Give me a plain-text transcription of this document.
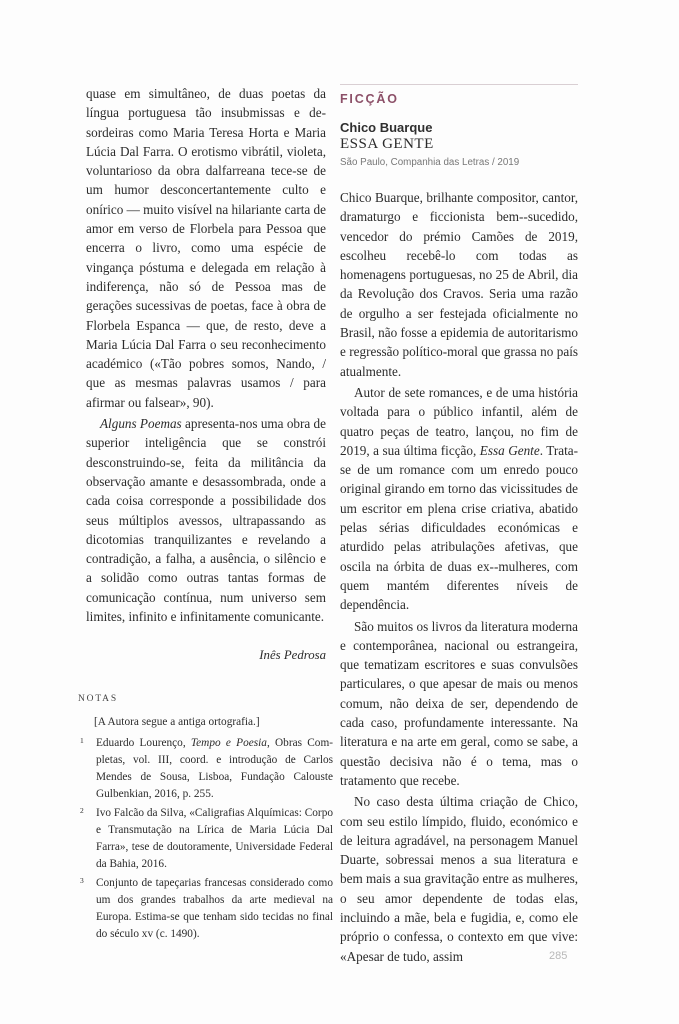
quase em simultâneo, de duas poetas da língua portuguesa tão insubmissas e desordeiras como Maria Teresa Horta e Maria Lúcia Dal Farra. O erotismo vibrátil, violeta, voluntarioso da obra dalfarreana tece-se de um humor desconcertantemente culto e onírico — muito visível na hilariante carta de amor em verso de Florbela para Pessoa que encerra o livro, como uma espécie de vingança póstuma e delegada em relação à indiferença, não só de Pessoa mas de gerações sucessivas de poetas, face à obra de Florbela Espanca — que, de resto, deve a Maria Lúcia Dal Farra o seu reconhecimento académico («Tão pobres somos, Nando, / que as mesmas palavras usamos / para afirmar ou falsear», 90).

Alguns Poemas apresenta-nos uma obra de superior inteligência que se constrói desconstruindo-se, feita da militância da observação amante e desassombrada, onde a cada coisa corresponde a possibilidade dos seus múltiplos avessos, ultrapassando as dicotomias tranquilizantes e revelando a contradição, a falha, a ausência, o silêncio e a solidão como outras tantas formas de comunicação contínua, num universo sem limites, infinito e infinitamente comunicante.

Inês Pedrosa
NOTAS
[A Autora segue a antiga ortografia.]
1	Eduardo Lourenço, Tempo e Poesia, Obras Completas, vol. III, coord. e introdução de Carlos Mendes de Sousa, Lisboa, Fundação Calouste Gulbenkian, 2016, p. 255.
2	Ivo Falcão da Silva, «Caligrafias Alquímicas: Corpo e Transmutação na Lírica de Maria Lúcia Dal Farra», tese de doutoramente, Universidade Federal da Bahia, 2016.
3	Conjunto de tapeçarias francesas considerado como um dos grandes trabalhos da arte medieval na Europa. Estima-se que tenham sido tecidas no final do século xv (c. 1490).
FICÇÃO
Chico Buarque
ESSA GENTE
São Paulo, Companhia das Letras / 2019

Chico Buarque, brilhante compositor, cantor, dramaturgo e ficcionista bem--sucedido, vencedor do prémio Camões de 2019, escolheu recebê-lo com todas as homenagens portuguesas, no 25 de Abril, dia da Revolução dos Cravos. Seria uma razão de orgulho a ser festejada oficialmente no Brasil, não fosse a epidemia de autoritarismo e regressão político-moral que grassa no país atualmente.

Autor de sete romances, e de uma história voltada para o público infantil, além de quatro peças de teatro, lançou, no fim de 2019, a sua última ficção, Essa Gente. Trata-se de um romance com um enredo pouco original girando em torno das vicissitudes de um escritor em plena crise criativa, abatido pelas sérias dificuldades económicas e aturdido pelas atribulações afetivas, que oscila na órbita de duas ex--mulheres, com quem mantém diferentes níveis de dependência.

São muitos os livros da literatura moderna e contemporânea, nacional ou estrangeira, que tematizam escritores e suas convulsões particulares, o que apesar de mais ou menos comum, não deixa de ser, dependendo de cada caso, profundamente interessante. Na literatura e na arte em geral, como se sabe, a questão decisiva não é o tema, mas o tratamento que recebe.

No caso desta última criação de Chico, com seu estilo límpido, fluido, económico e de leitura agradável, na personagem Manuel Duarte, sobressai menos a sua literatura e bem mais a sua gravitação entre as mulheres, o seu amor dependente de todas elas, incluindo a mãe, bela e fugidia, e, como ele próprio o confessa, o contexto em que vive: «Apesar de tudo, assim	285
